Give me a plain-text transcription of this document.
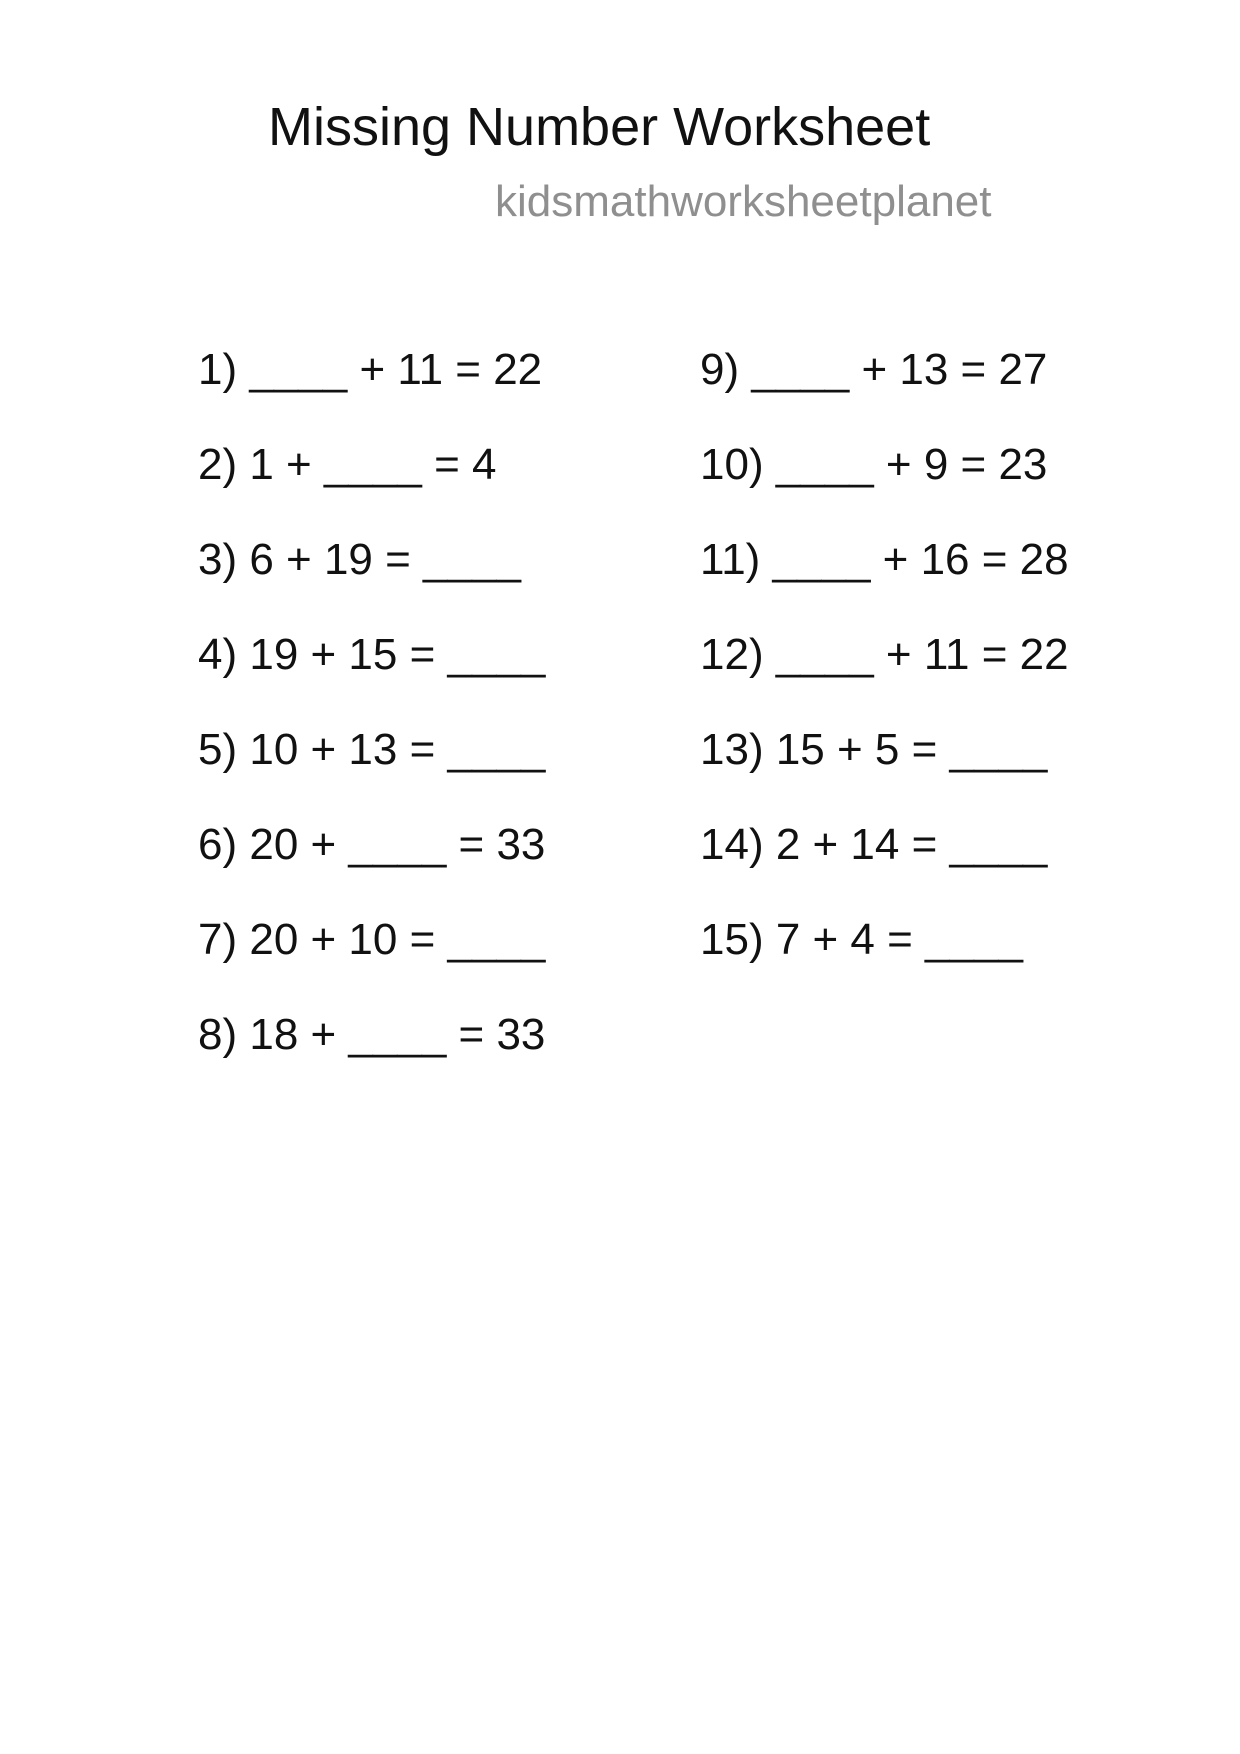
Missing Number Worksheet
kidsmathworksheetplanet
1) ____ + 11 = 22
2) 1 + ____ = 4
3) 6 + 19 = ____
4) 19 + 15 = ____
5) 10 + 13 = ____
6) 20 + ____ = 33
7) 20 + 10 = ____
8) 18 + ____ = 33
9) ____ + 13 = 27
10) ____ + 9 = 23
11) ____ + 16 = 28
12) ____ + 11 = 22
13) 15 + 5 = ____
14) 2 + 14 = ____
15) 7 + 4 = ____
